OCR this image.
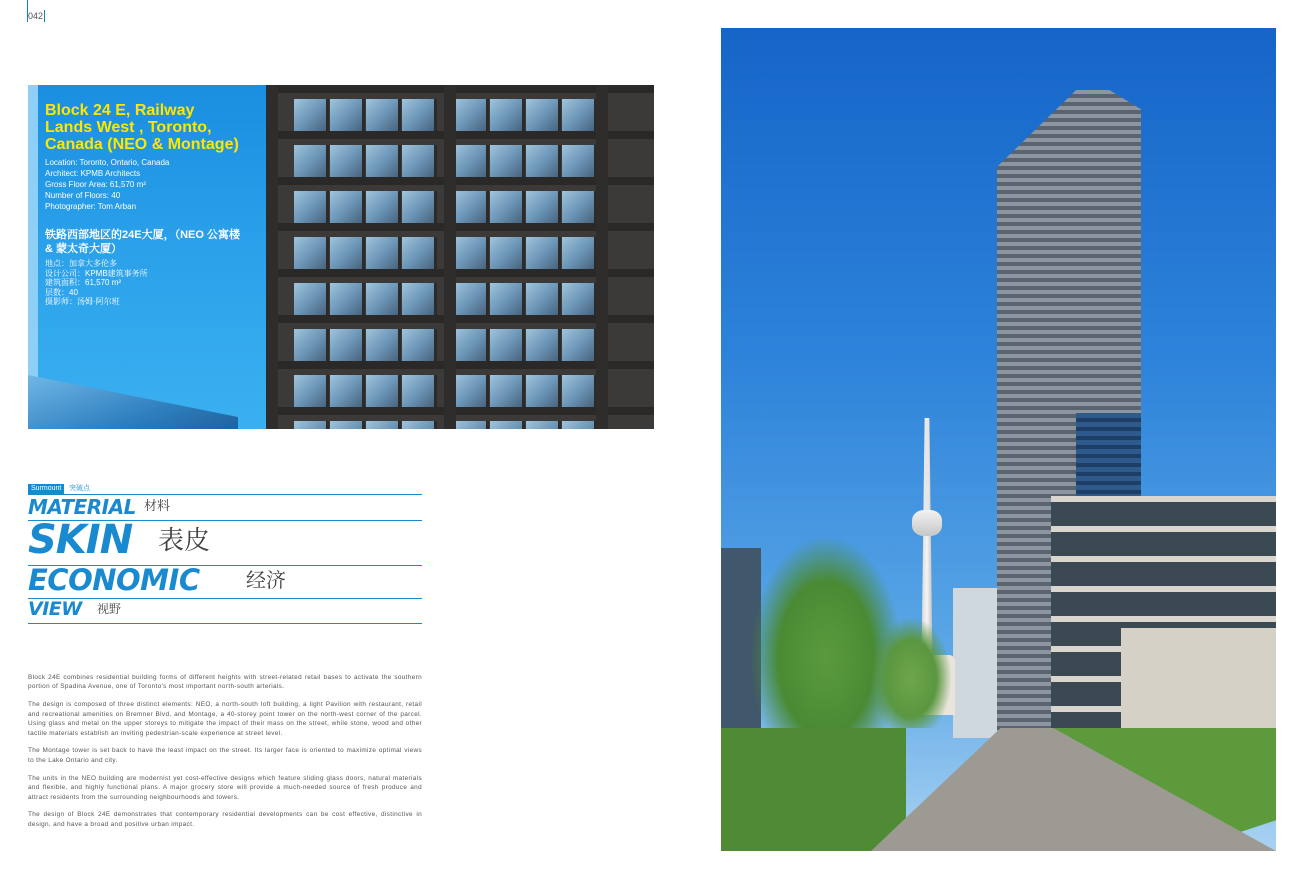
042

Block 24 E, Railway Lands West , Toronto, Canada (NEO & Montage)

Location: Toronto, Ontario, Canada

Architect: KPMB Architects

Gross Floor Area: 61,570 m²

Number of Floors: 40

Photographer: Tom Arban

铁路西部地区的24E大厦，（NEO 公寓楼 & 蒙太奇大厦）

地点：加拿大多伦多

设计公司：KPMB建筑事务所

建筑面积：61,570 m²

层数：40

摄影师：汤姆·阿尔班

Surmount	突破点
MATERIAL 材料
SKIN 表皮
ECONOMIC 经济
VIEW 视野

Block 24E combines residential building forms of different heights with street-related retail bases to activate the southern portion of Spadina Avenue, one of Toronto's most important north-south arterials.

The design is composed of three distinct elements: NEO, a north-south loft building, a light Pavilion with restaurant, retail and recreational amenities on Bremner Blvd, and Montage, a 40-storey point tower on the north-west corner of the parcel. Using glass and metal on the upper storeys to mitigate the impact of their mass on the street, while stone, wood and other tactile materials establish an inviting pedestrian-scale experience at street level.

The Montage tower is set back to have the least impact on the street. Its larger face is oriented to maximize optimal views to the Lake Ontario and city.

The units in the NEO building are modernist yet cost-effective designs which feature sliding glass doors, natural materials and flexible, and highly functional plans. A major grocery store will provide a much-needed source of fresh produce and attract residents from the surrounding neighbourhoods and towers.

The design of Block 24E demonstrates that contemporary residential developments can be cost effective, distinctive in design, and have a broad and positive urban impact.
